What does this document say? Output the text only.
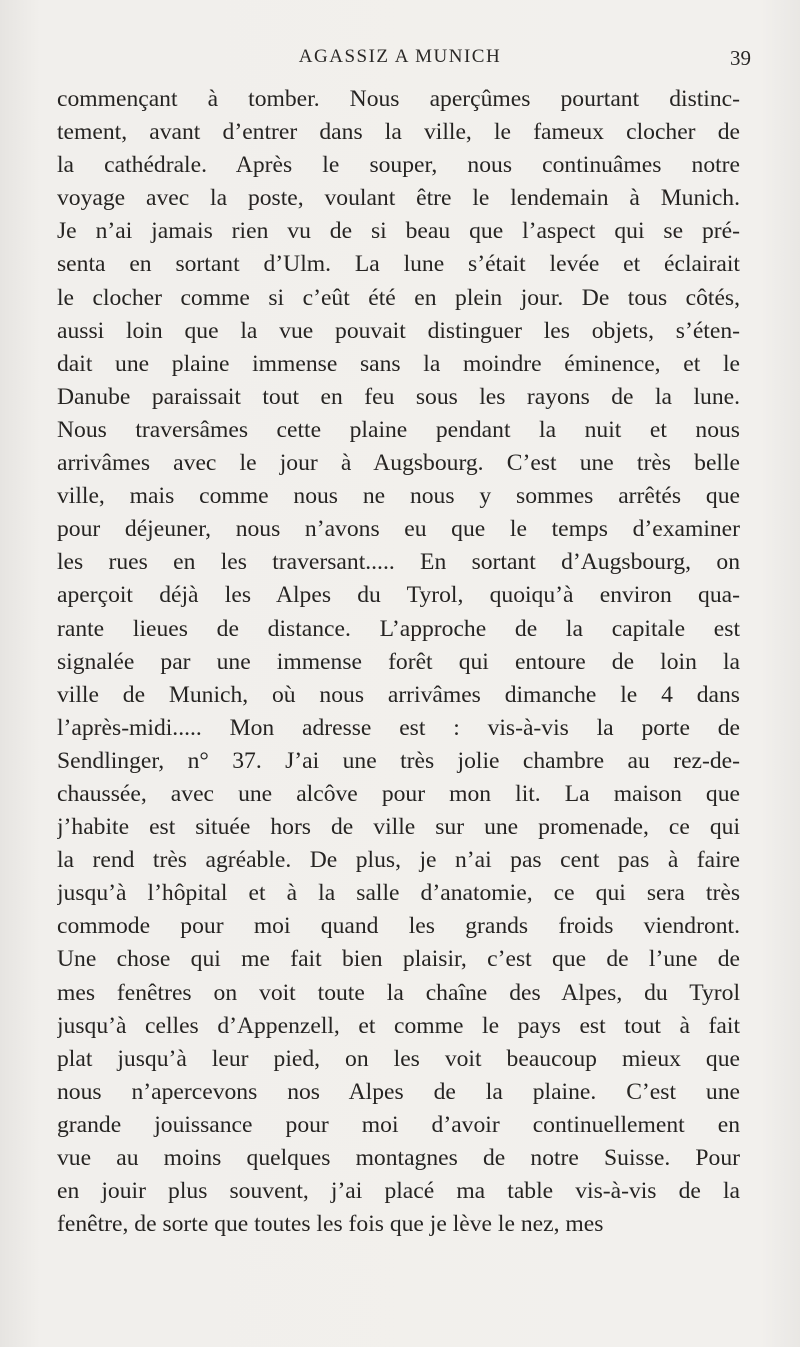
AGASSIZ A MUNICH	39
commençant à tomber. Nous aperçûmes pourtant distinc-
tement, avant d’entrer dans la ville, le fameux clocher de
la cathédrale. Après le souper, nous continuâmes notre
voyage avec la poste, voulant être le lendemain à Munich.
Je n’ai jamais rien vu de si beau que l’aspect qui se pré-
senta en sortant d’Ulm. La lune s’était levée et éclairait
le clocher comme si c’eût été en plein jour. De tous côtés,
aussi loin que la vue pouvait distinguer les objets, s’éten-
dait une plaine immense sans la moindre éminence, et le
Danube paraissait tout en feu sous les rayons de la lune.
Nous traversâmes cette plaine pendant la nuit et nous
arrivâmes avec le jour à Augsbourg. C’est une très belle
ville, mais comme nous ne nous y sommes arrêtés que
pour déjeuner, nous n’avons eu que le temps d’examiner
les rues en les traversant..... En sortant d’Augsbourg, on
aperçoit déjà les Alpes du Tyrol, quoiqu’à environ qua-
rante lieues de distance. L’approche de la capitale est
signalée par une immense forêt qui entoure de loin la
ville de Munich, où nous arrivâmes dimanche le 4 dans
l’après-midi..... Mon adresse est : vis-à-vis la porte de
Sendlinger, n° 37. J’ai une très jolie chambre au rez-de-
chaussée, avec une alcôve pour mon lit. La maison que
j’habite est située hors de ville sur une promenade, ce qui
la rend très agréable. De plus, je n’ai pas cent pas à faire
jusqu’à l’hôpital et à la salle d’anatomie, ce qui sera très
commode pour moi quand les grands froids viendront.
Une chose qui me fait bien plaisir, c’est que de l’une de
mes fenêtres on voit toute la chaîne des Alpes, du Tyrol
jusqu’à celles d’Appenzell, et comme le pays est tout à fait
plat jusqu’à leur pied, on les voit beaucoup mieux que
nous n’apercevons nos Alpes de la plaine. C’est une
grande jouissance pour moi d’avoir continuellement en
vue au moins quelques montagnes de notre Suisse. Pour
en jouir plus souvent, j’ai placé ma table vis-à-vis de la
fenêtre, de sorte que toutes les fois que je lève le nez, mes
